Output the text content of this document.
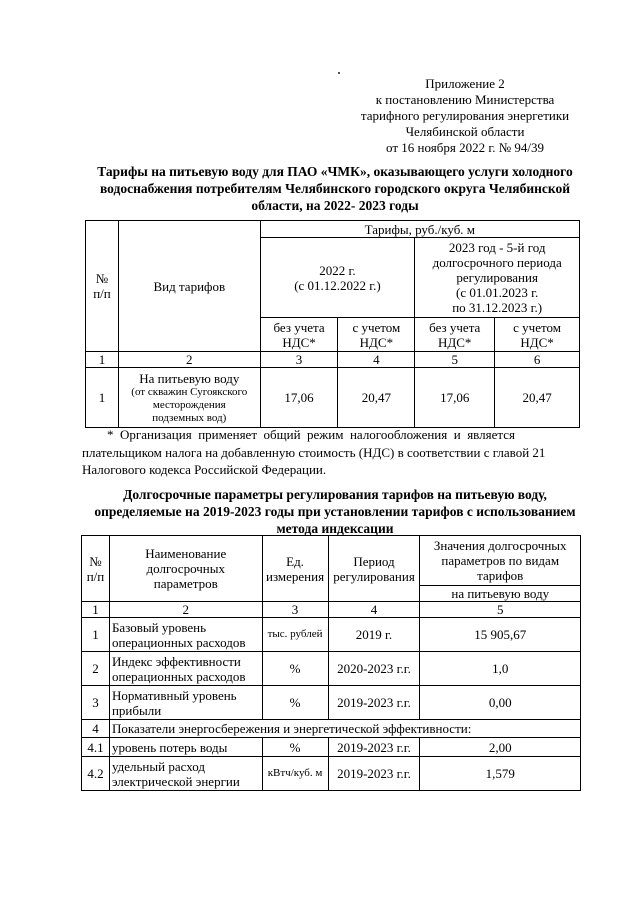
Приложение 2
к постановлению Министерства
тарифного регулирования энергетики
Челябинской области
от 16 ноября 2022 г. № 94/39
Тарифы на питьевую воду для ПАО «ЧМК», оказывающего услуги холодного
водоснабжения потребителям Челябинского городского округа Челябинской
области, на 2022- 2023 годы
№
п/п	Вид тарифов	Тарифы, руб./куб. м			
		2022 г.
(с 01.12.2022 г.)		2023 год - 5-й год
долгосрочного периода
регулирования
(с 01.01.2023 г.
по 31.12.2023 г.)	
		без учета
НДС*	с учетом
НДС*	без учета
НДС*	с учетом
НДС*
1	2	3	4	5	6
1	На питьевую воду
(от скважин Сугоякского
месторождения
подземных вод)	17,06	20,47	17,06	20,47
*  Организация  применяет  общий  режим  налогообложения  и  является
плательщиком налога на добавленную стоимость (НДС) в соответствии с главой 21
Налогового кодекса Российской Федерации.
Долгосрочные параметры регулирования тарифов на питьевую воду,
определяемые на 2019-2023 годы при установлении тарифов с использованием
метода индексации
№
п/п	Наименование
долгосрочных
параметров	Ед.
измерения	Период
регулирования	Значения долгосрочных
параметров по видам
тарифов
				на питьевую воду
1	2	3	4	5
1	Базовый уровень
операционных расходов	тыс. рублей	2019 г.	15 905,67
2	Индекс эффективности
операционных расходов	%	2020-2023 г.г.	1,0
3	Нормативный уровень
прибыли	%	2019-2023 г.г.	0,00
4	Показатели энергосбережения и энергетической эффективности:			
4.1	уровень потерь воды	%	2019-2023 г.г.	2,00
4.2	удельный расход
электрической энергии	кВтч/куб. м	2019-2023 г.г.	1,579
